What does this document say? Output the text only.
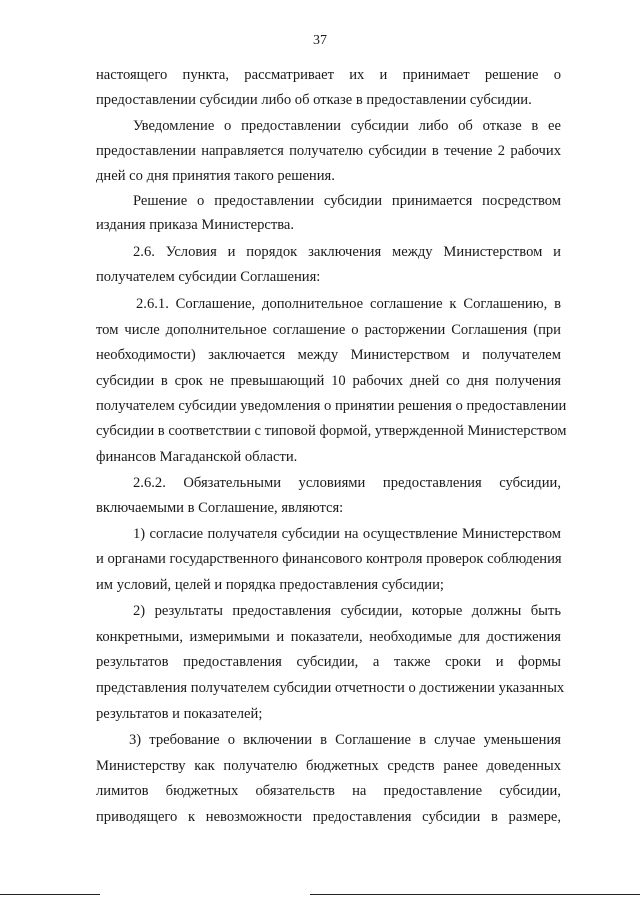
37
настоящего пункта, рассматривает их и принимает решение о
предоставлении субсидии либо об отказе в предоставлении субсидии.
Уведомление о предоставлении субсидии либо об отказе в ее
предоставлении направляется получателю субсидии в течение 2 рабочих
дней со дня принятия такого решения.
Решение о предоставлении субсидии принимается посредством
издания приказа Министерства.
2.6. Условия и порядок заключения между Министерством и
получателем субсидии Соглашения:
2.6.1. Соглашение, дополнительное соглашение к Соглашению, в
том числе дополнительное соглашение о расторжении Соглашения (при
необходимости) заключается между Министерством и получателем
субсидии в срок не превышающий 10 рабочих дней со дня получения
получателем субсидии уведомления о принятии решения о предоставлении
субсидии в соответствии с типовой формой, утвержденной Министерством
финансов Магаданской области.
2.6.2. Обязательными условиями предоставления субсидии,
включаемыми в Соглашение, являются:
1) согласие получателя субсидии на осуществление Министерством
и органами государственного финансового контроля проверок соблюдения
им условий, целей и порядка предоставления субсидии;
2) результаты предоставления субсидии, которые должны быть
конкретными, измеримыми и показатели, необходимые для достижения
результатов предоставления субсидии, а также сроки и формы
представления получателем субсидии отчетности о достижении указанных
результатов и показателей;
3) требование о включении в Соглашение в случае уменьшения
Министерству как получателю бюджетных средств ранее доведенных
лимитов бюджетных обязательств на предоставление субсидии,
приводящего к невозможности предоставления субсидии в размере,
